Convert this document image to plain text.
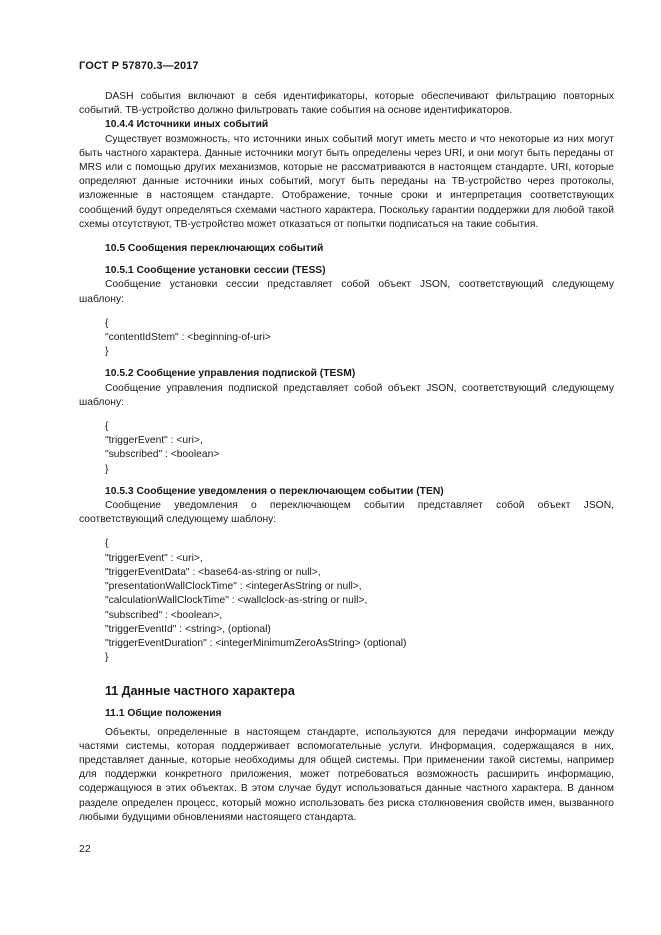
ГОСТ Р 57870.3—2017

DASH события включают в себя идентификаторы, которые обеспечивают фильтрацию повторных событий. ТВ-устройство должно фильтровать такие события на основе идентификаторов.

10.4.4 Источники иных событий

Существует возможность, что источники иных событий могут иметь место и что некоторые из них могут быть частного характера. Данные источники могут быть определены через URI, и они могут быть переданы от MRS или с помощью других механизмов, которые не рассматриваются в настоящем стандарте. URI, которые определяют данные источники иных событий, могут быть переданы на ТВ-устройство через протоколы, изложенные в настоящем стандарте. Отображение, точные сроки и интерпретация соответствующих сообщений будут определяться схемами частного характера. Поскольку гарантии поддержки для любой такой схемы отсутствуют, ТВ-устройство может отказаться от попытки подписаться на такие события.

10.5 Сообщения переключающих событий

10.5.1 Сообщение установки сессии (TESS)

Сообщение установки сессии представляет собой объект JSON, соответствующий следующему шаблону:

{

"contentIdStem" : <beginning-of-uri>

}

10.5.2 Сообщение управления подпиской (TESM)

Сообщение управления подпиской представляет собой объект JSON, соответствующий следующему шаблону:

{

"triggerEvent" : <uri>,

"subscribed" : <boolean>

}

10.5.3 Сообщение уведомления о переключающем событии (TEN)

Сообщение уведомления о переключающем событии представляет собой объект JSON, соответствующий следующему шаблону:

{

"triggerEvent" : <uri>,

"triggerEventData" : <base64-as-string or null>,

"presentationWallClockTime" : <integerAsString or null>,

"calculationWallClockTime" : <wallclock-as-string or null>,

"subscribed" : <boolean>,

"triggerEventId" : <string>, (optional)

"triggerEventDuration" : <integerMinimumZeroAsString> (optional)

}

11 Данные частного характера

11.1 Общие положения

Объекты, определенные в настоящем стандарте, используются для передачи информации между частями системы, которая поддерживает вспомогательные услуги. Информация, содержащаяся в них, представляет данные, которые необходимы для общей системы. При применении такой системы, например для поддержки конкретного приложения, может потребоваться возможность расширить информацию, содержащуюся в этих объектах. В этом случае будут использоваться данные частного характера. В данном разделе определен процесс, который можно использовать без риска столкновения свойств имен, вызванного любыми будущими обновлениями настоящего стандарта.

22
